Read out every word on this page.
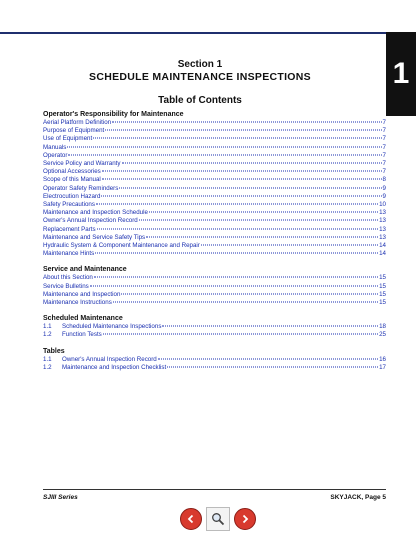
1
Section 1
SCHEDULE MAINTENANCE INSPECTIONS
Table of Contents
Operator's Responsibility for Maintenance
Aerial Platform Definition	7
Purpose of Equipment	7
Use of Equipment	7
Manuals	7
Operator	7
Service Policy and Warranty	7
Optional Accessories	7
Scope of this Manual	8
Operator Safety Reminders	9
Electrocution Hazard	9
Safety Precautions	10
Maintenance and Inspection Schedule	13
Owner's Annual Inspection Record	13
Replacement Parts	13
Maintenance and Service Safety Tips	13
Hydraulic System & Component Maintenance and Repair	14
Maintenance Hints	14
Service and Maintenance
About this Section	15
Service Bulletins	15
Maintenance and Inspection	15
Maintenance Instructions	15
Scheduled Maintenance
1.1	Scheduled Maintenance Inspections	18
1.2	Function Tests	25
Tables
1.1	Owner's Annual Inspection Record	16
1.2	Maintenance and Inspection Checklist	17
SJIII Series	SKYJACK, Page 5
